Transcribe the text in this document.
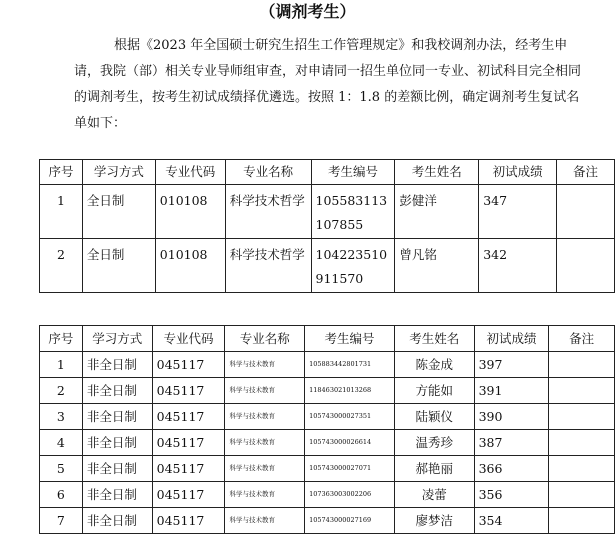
（调剂考生）
根据《2023 年全国硕士研究生招生工作管理规定》和我校调剂办法，经考生申请，我院（部）相关专业导师组审查，对申请同一招生单位同一专业、初试科目完全相同的调剂考生，按考生初试成绩择优遴选。按照 1：1.8 的差额比例，确定调剂考生复试名单如下：
序号	学习方式	专业代码	专业名称	考生编号	考生姓名	初试成绩	备注
1	全日制	010108	科学技术哲学	105583113107855	彭健洋	347	
2	全日制	010108	科学技术哲学	104223510911570	曾凡铭	342	
序号	学习方式	专业代码	专业名称	考生编号	考生姓名	初试成绩	备注
1	非全日制	045117	科学与技术教育	105883442801731	陈金成	397	
2	非全日制	045117	科学与技术教育	118463021013268	方能如	391	
3	非全日制	045117	科学与技术教育	105743000027351	陆颖仪	390	
4	非全日制	045117	科学与技术教育	105743000026614	温秀珍	387	
5	非全日制	045117	科学与技术教育	105743000027071	郝艳丽	366	
6	非全日制	045117	科学与技术教育	107363003002206	凌蕾	356	
7	非全日制	045117	科学与技术教育	105743000027169	廖梦洁	354	
